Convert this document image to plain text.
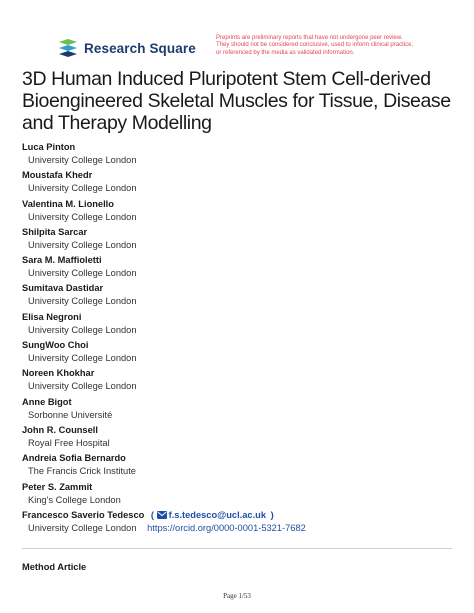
Research Square
Preprints are preliminary reports that have not undergone peer review.
They should not be considered conclusive, used to inform clinical practice,
or referenced by the media as validated information.
3D Human Induced Pluripotent Stem Cell-derived
Bioengineered Skeletal Muscles for Tissue, Disease
and Therapy Modelling
Luca Pinton
University College London
Moustafa Khedr
University College London
Valentina M. Lionello
University College London
Shilpita Sarcar
University College London
Sara M. Maffioletti
University College London
Sumitava Dastidar
University College London
Elisa Negroni
University College London
SungWoo Choi
University College London
Noreen Khokhar
University College London
Anne Bigot
Sorbonne Université
John R. Counsell
Royal Free Hospital
Andreia Sofia Bernardo
The Francis Crick Institute
Peter S. Zammit
King's College London
Francesco Saverio Tedesco ( f.s.tedesco@ucl.ac.uk )
University College London https://orcid.org/0000-0001-5321-7682
Method Article
Page 1/53
